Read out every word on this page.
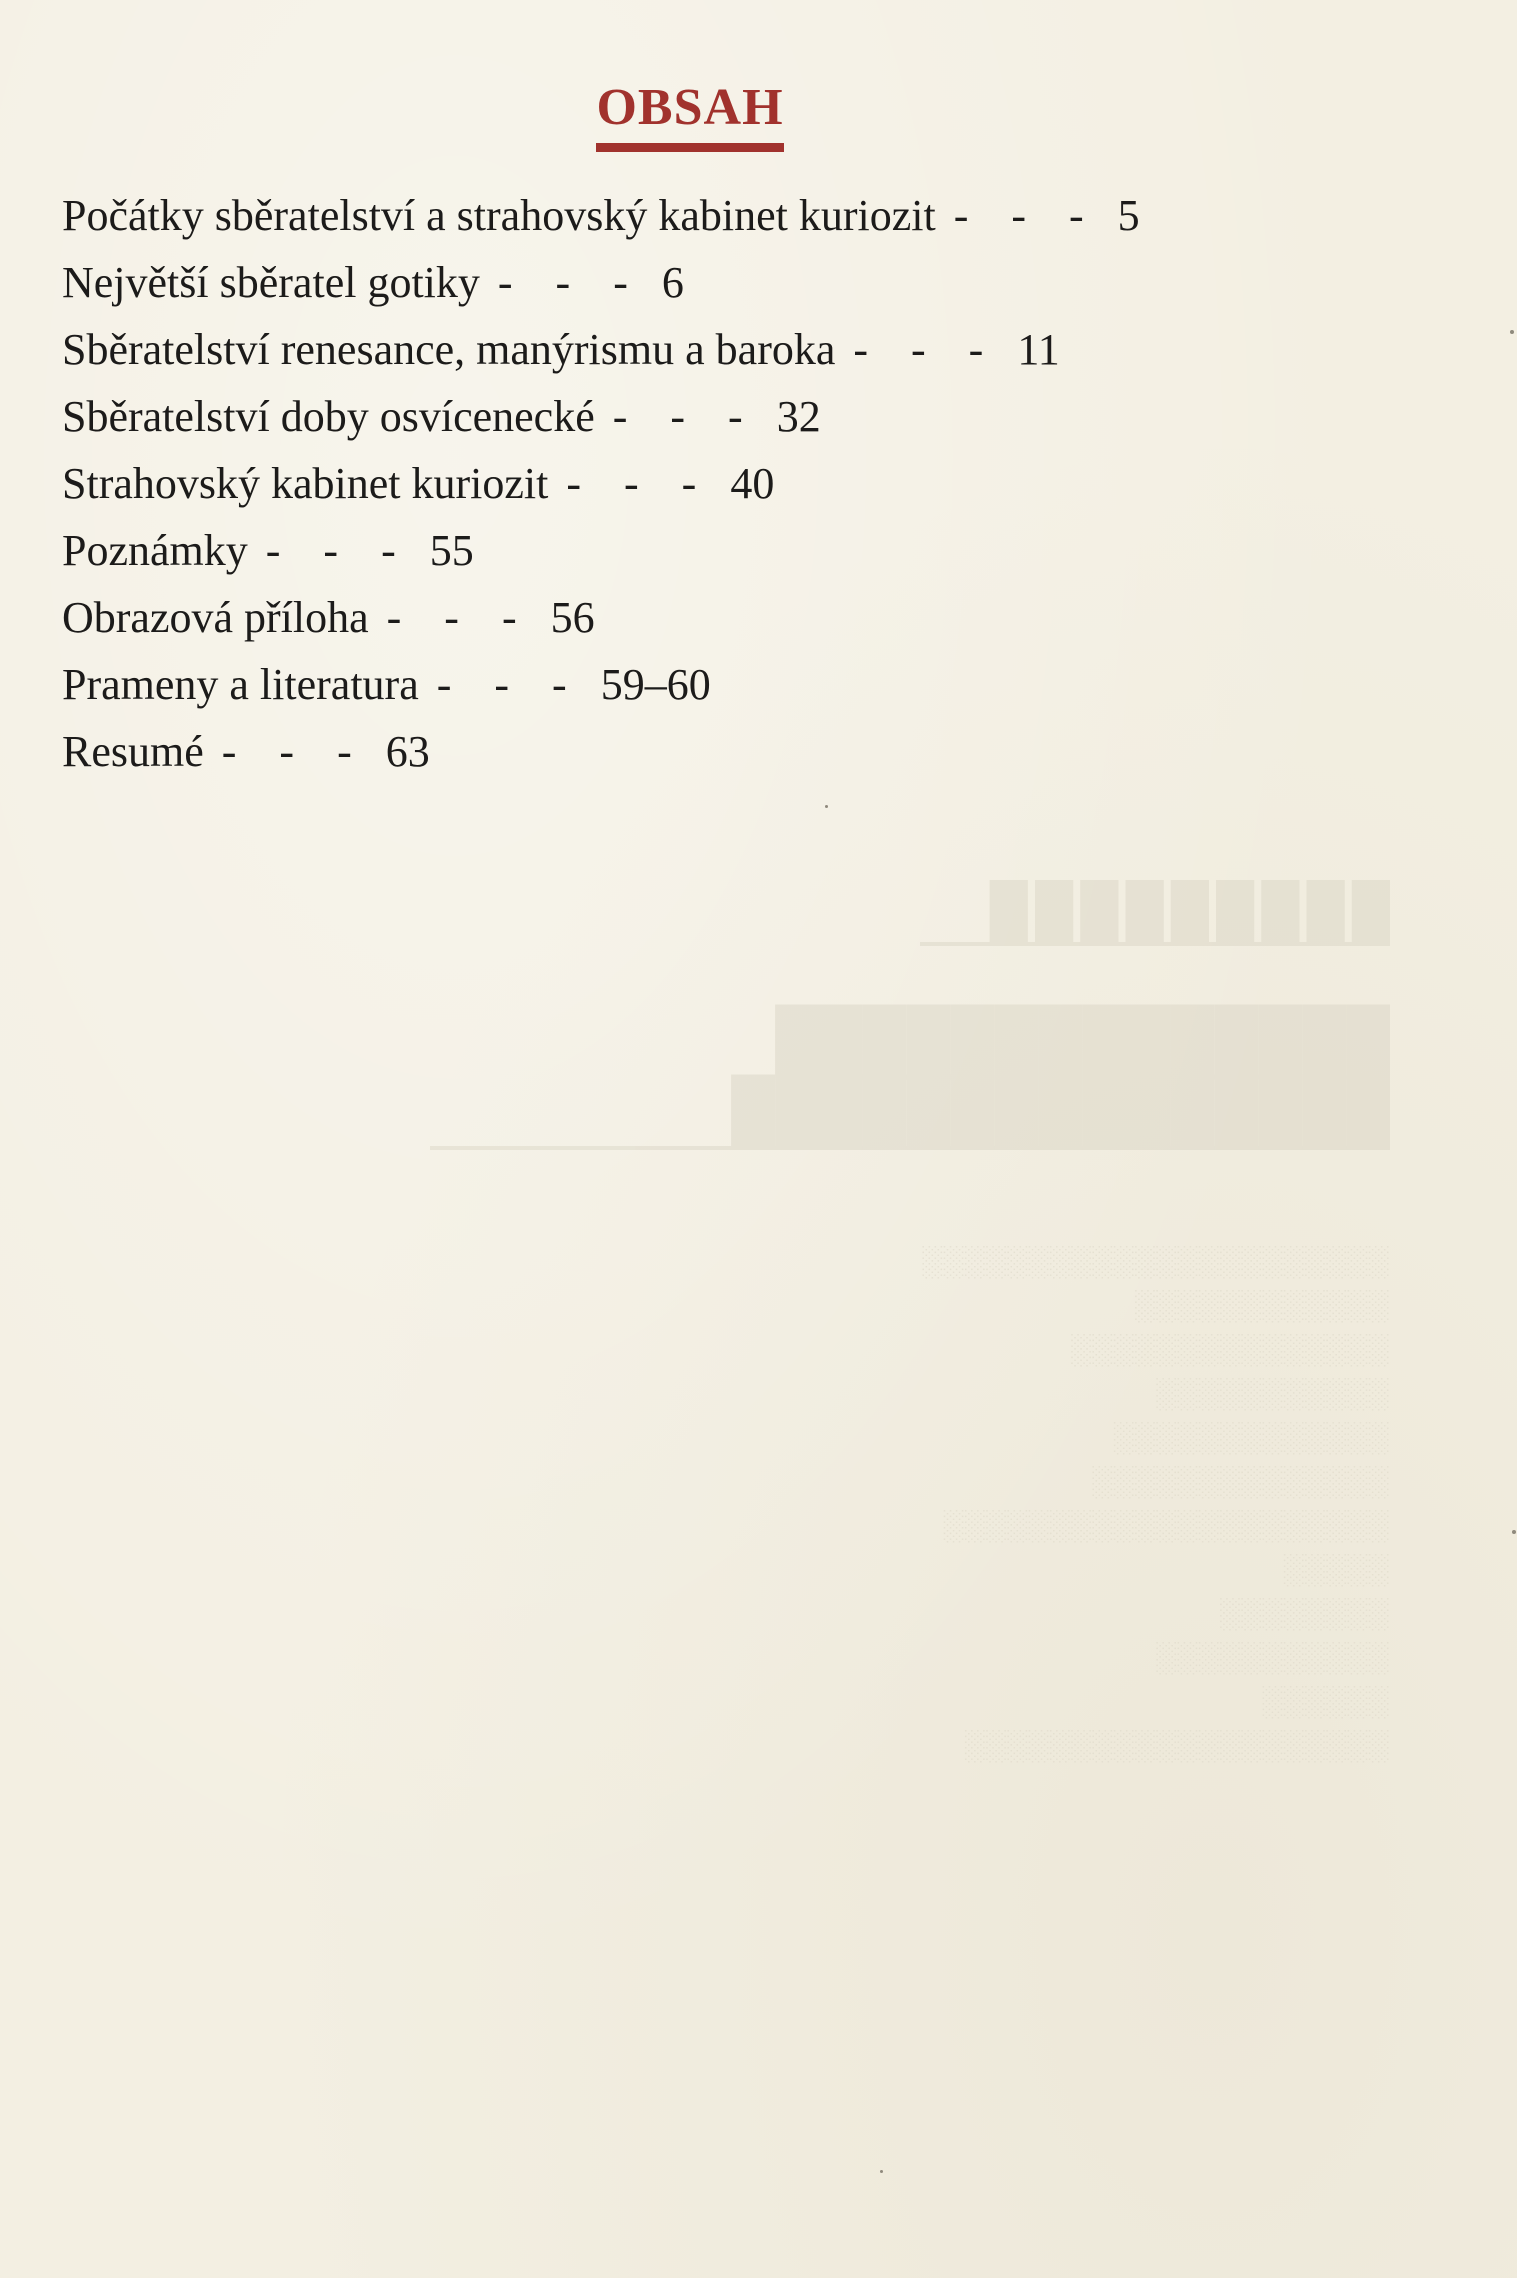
OBSAH
Počátky sběratelství a strahovský kabinet kuriozit - - - 5
Největší sběratel gotiky - - - 6
Sběratelství renesance, manýrismu a baroka - - - 11
Sběratelství doby osvícenecké - - - 32
Strahovský kabinet kuriozit - - - 40
Poznámky - - - 55
Obrazová příloha - - - 56
Prameny a literatura - - - 59–60
Resumé - - - 63
█████████
██████████████
███████████████
░░░░░░░░░░░░░░░░░░░░░░
░░░░░░░░░░░░
░░░░░░░░░░░░░░░
░░░░░░░░░░░
░░░░░░░░░░░░░
░░░░░░░░░░░░░░
░░░░░░░░░░░░░░░░░░░░░
░░░░░
░░░░░░░░
░░░░░░░░░░░
░░░░░░
░░░░░░░░░░░░░░░░░░░░
